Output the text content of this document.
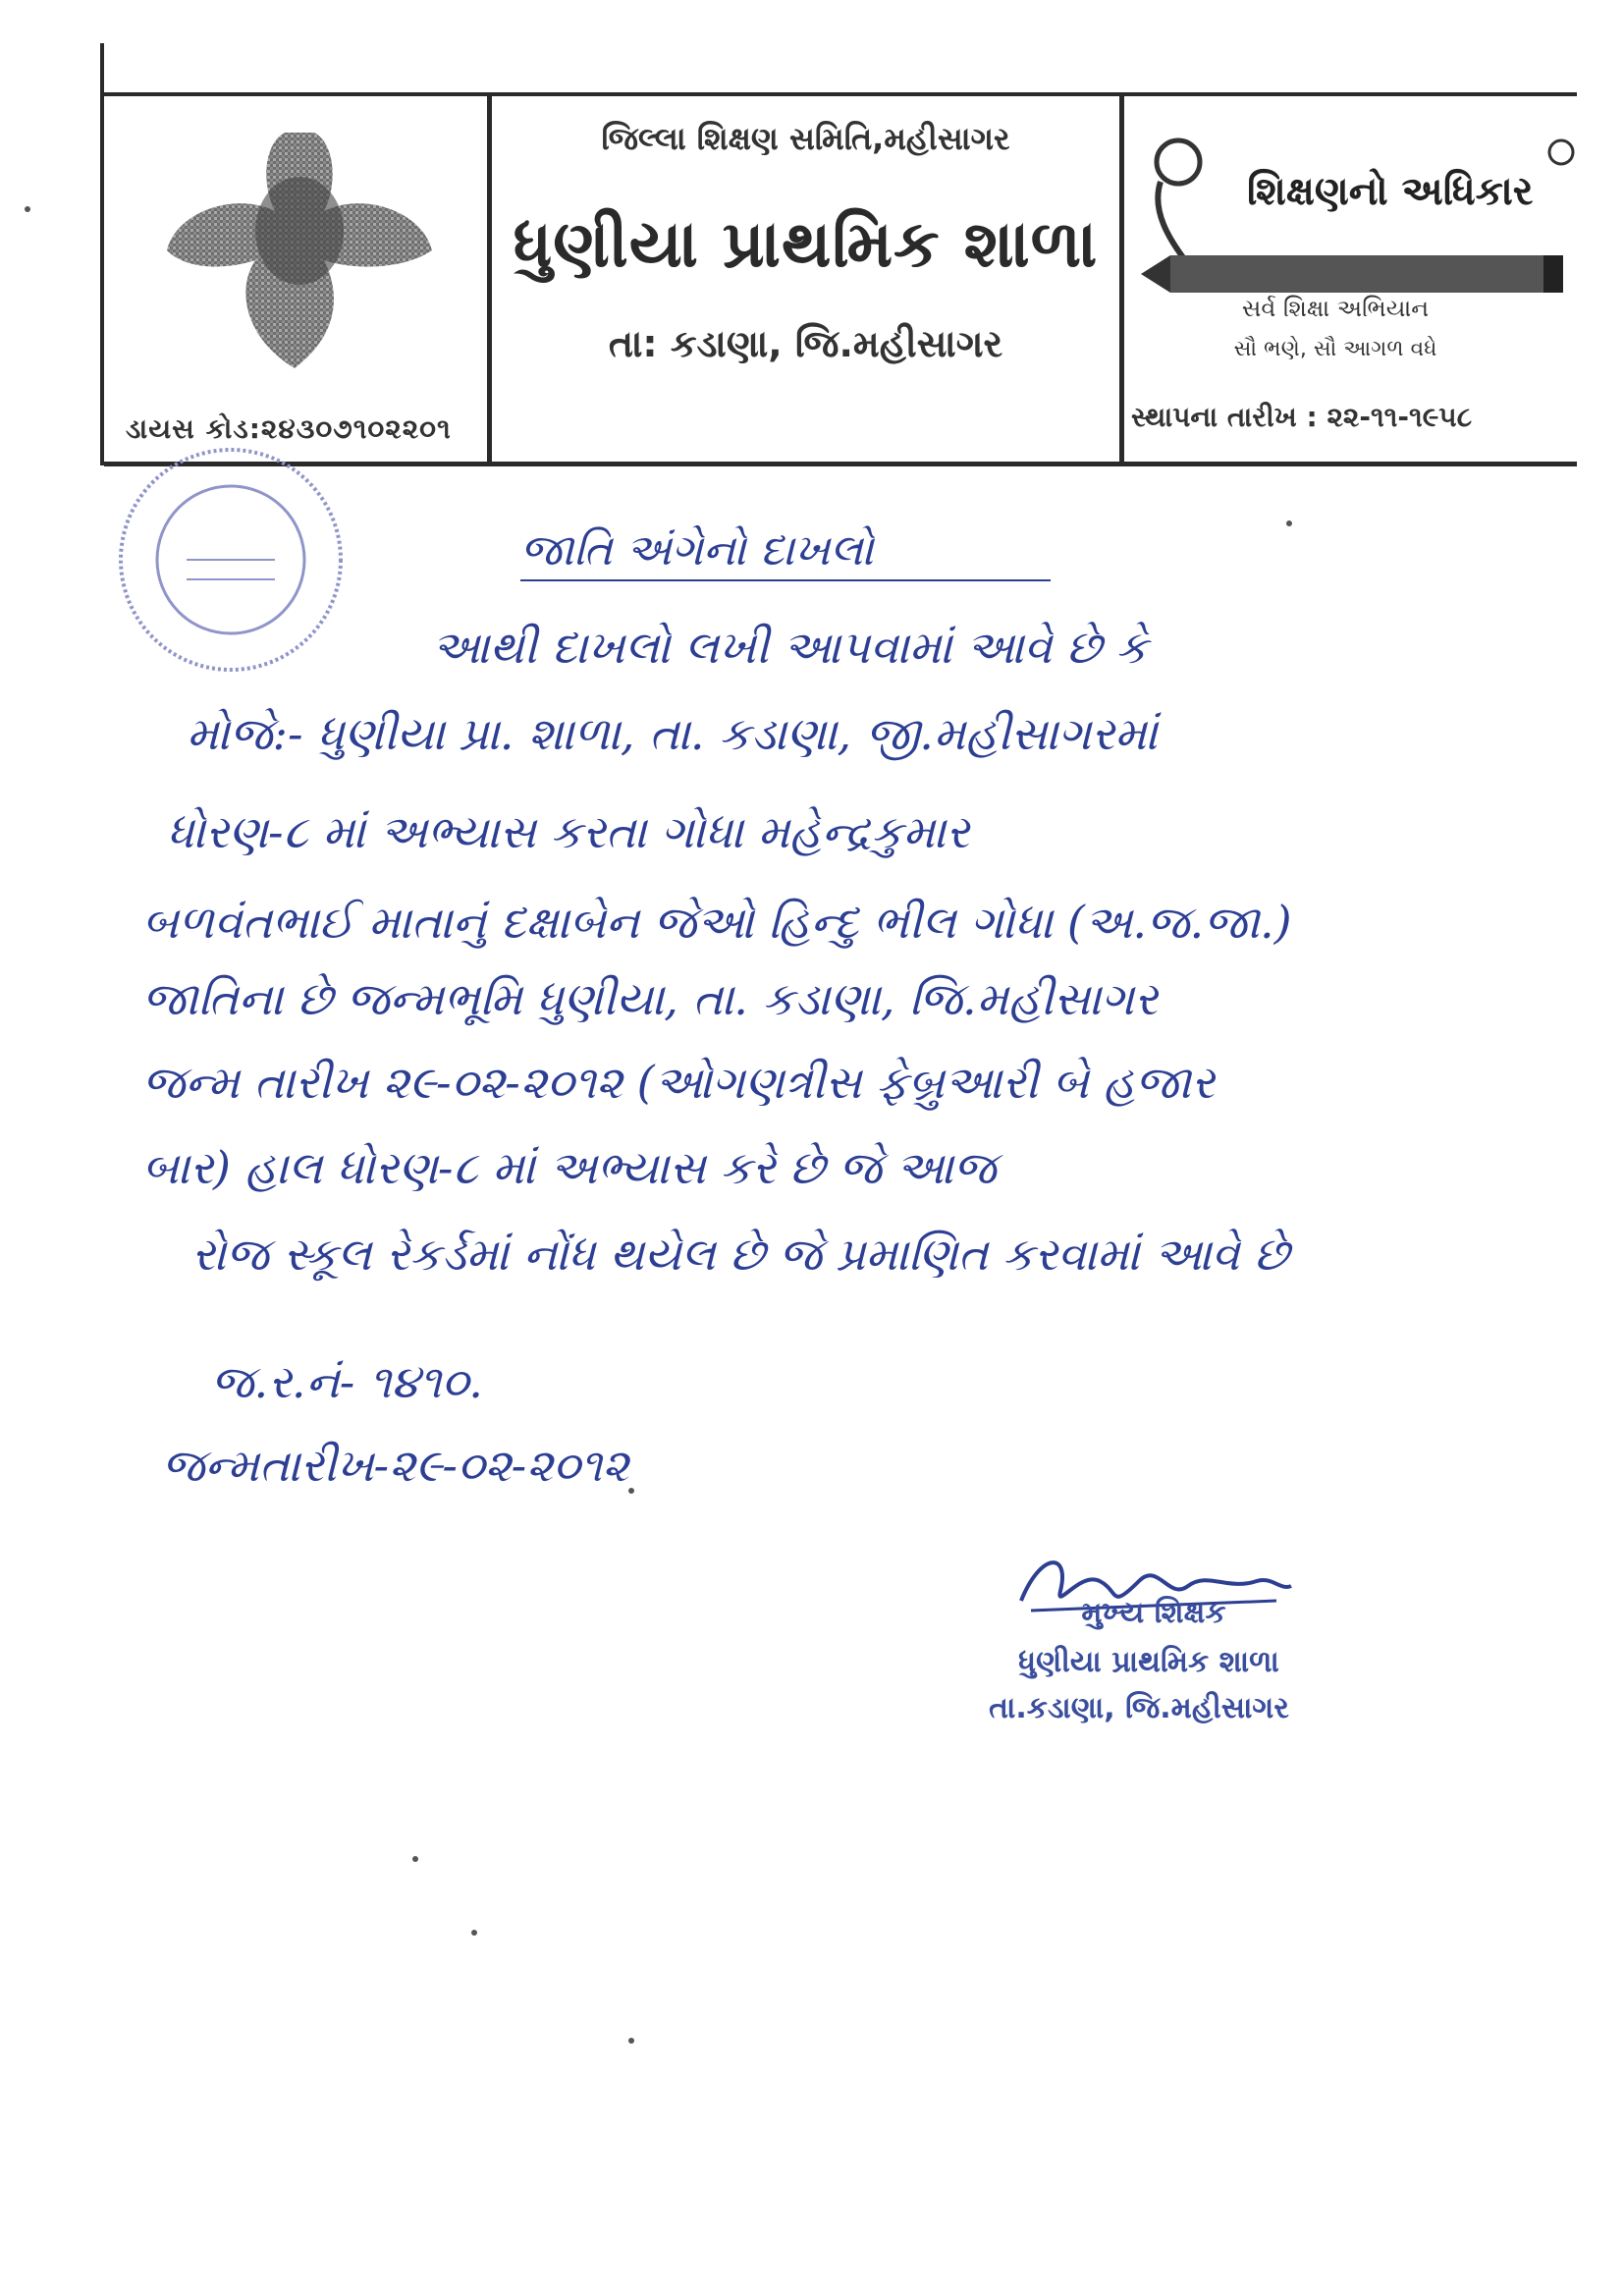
ડાયસ કોડ:૨૪૩૦૭૧૦૨૨૦૧
જિલ્લા શિક્ષણ સમિતિ,મહીસાગર
ધુણીયા પ્રાથમિક શાળા
તા: કડાણા, જિ.મહીસાગર
શિક્ષણનો અધિકાર
સર્વ શિક્ષા અભિયાન
સૌ ભણે, સૌ આગળ વધે
સ્થાપના તારીખ : ૨૨-૧૧-૧૯૫૮
જાતિ અંગેનો દાખલો
આથી દાખલો લખી આપવામાં આવે છે કે
મોજે:- ધુણીયા પ્રા. શાળા, તા. કડાણા, જી.મહીસાગરમાં
ધોરણ-૮ માં અભ્યાસ કરતા ગોધા મહેન્દ્રકુમાર
બળવંતભાઈ માતાનું દક્ષાબેન જેઓ હિન્દુ ભીલ ગોધા (અ.જ.જા.)
જાતિના છે જન્મભૂમિ ધુણીયા, તા. કડાણા, જિ.મહીસાગર
જન્મ તારીખ ૨૯-૦૨-૨૦૧૨ (ઓગણત્રીસ ફેબ્રુઆરી બે હજાર
બાર) હાલ ધોરણ-૮ માં અભ્યાસ કરે છે જે આજ
રોજ સ્કૂલ રેકર્ડમાં નોંધ થયેલ છે જે પ્રમાણિત કરવામાં આવે છે
જ.ર.નં- ૧૪૧૦.
જન્મતારીખ-૨૯-૦૨-૨૦૧૨
મુખ્ય શિક્ષક
ધુણીયા પ્રાથમિક શાળા
તા.કડાણા, જિ.મહીસાગર
